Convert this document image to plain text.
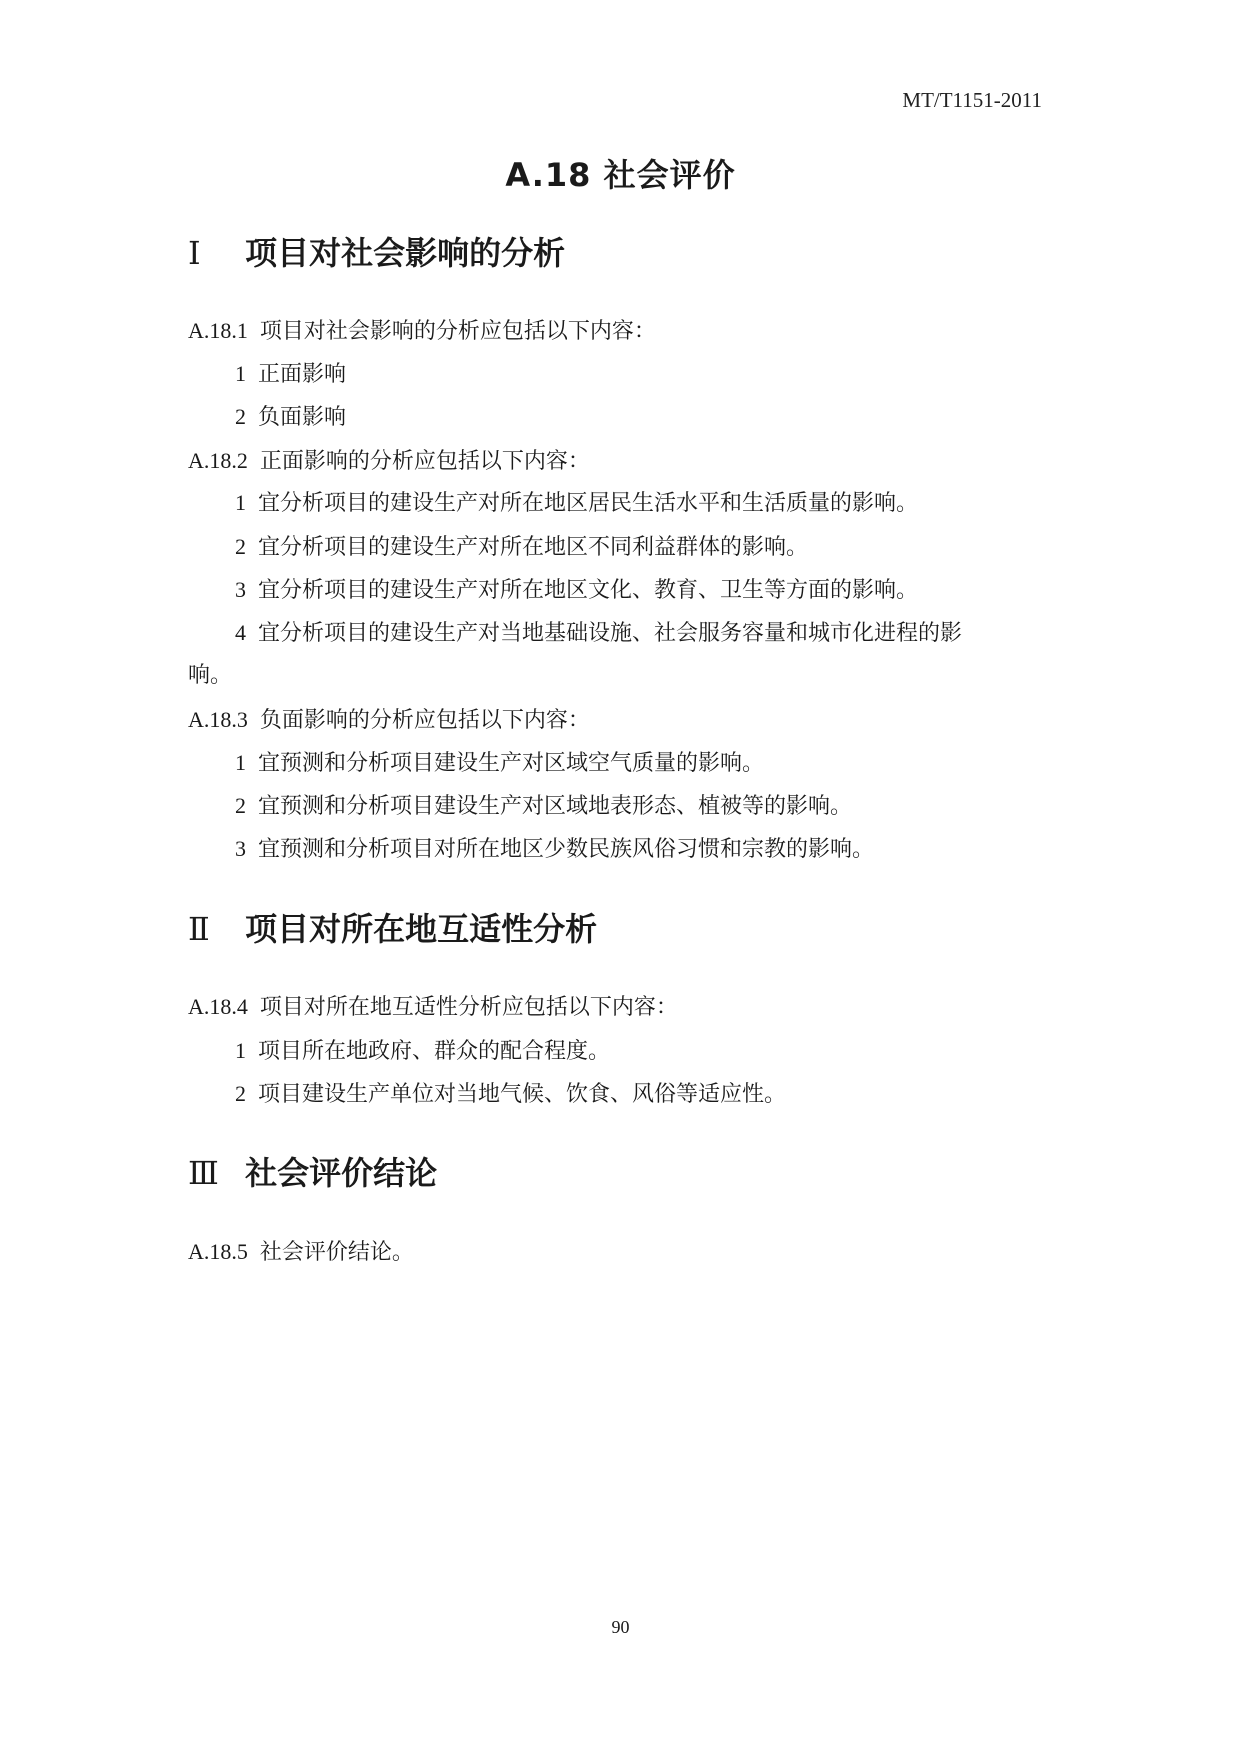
MT/T1151-2011
A.18 社会评价
Ⅰ 项目对社会影响的分析

A.18.1 项目对社会影响的分析应包括以下内容：

1 正面影响

2 负面影响

A.18.2 正面影响的分析应包括以下内容：

1 宜分析项目的建设生产对所在地区居民生活水平和生活质量的影响。

2 宜分析项目的建设生产对所在地区不同利益群体的影响。

3 宜分析项目的建设生产对所在地区文化、教育、卫生等方面的影响。

4 宜分析项目的建设生产对当地基础设施、社会服务容量和城市化进程的影

响。

A.18.3 负面影响的分析应包括以下内容：

1 宜预测和分析项目建设生产对区域空气质量的影响。

2 宜预测和分析项目建设生产对区域地表形态、植被等的影响。

3 宜预测和分析项目对所在地区少数民族风俗习惯和宗教的影响。

Ⅱ 项目对所在地互适性分析

A.18.4 项目对所在地互适性分析应包括以下内容：

1 项目所在地政府、群众的配合程度。

2 项目建设生产单位对当地气候、饮食、风俗等适应性。

Ⅲ 社会评价结论

A.18.5 社会评价结论。

90
